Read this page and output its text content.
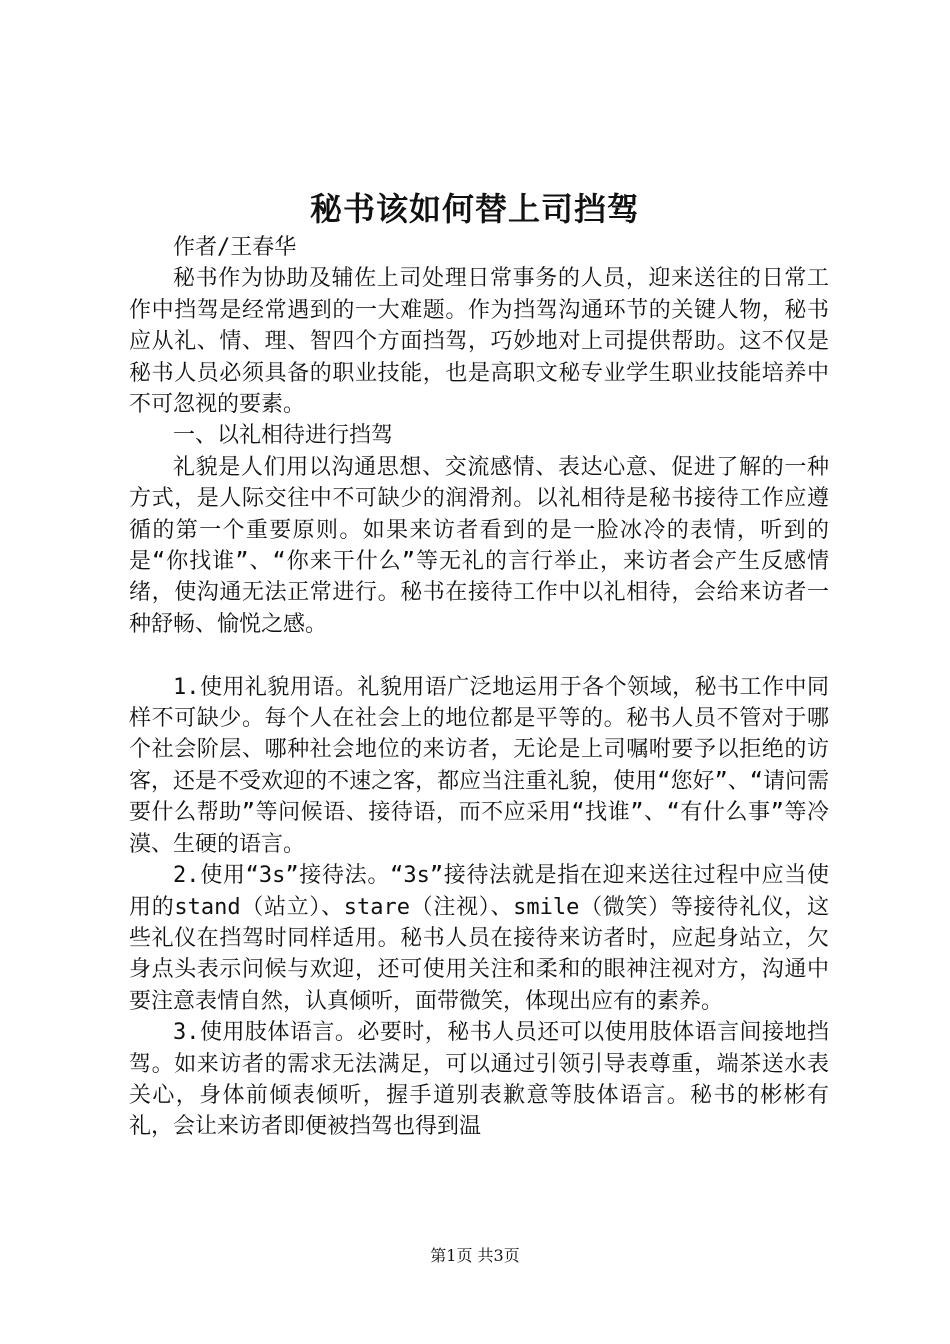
秘书该如何替上司挡驾

作者/王春华

秘书作为协助及辅佐上司处理日常事务的人员，迎来送往的日常工作中挡驾是经常遇到的一大难题。作为挡驾沟通环节的关键人物，秘书应从礼、情、理、智四个方面挡驾，巧妙地对上司提供帮助。这不仅是秘书人员必须具备的职业技能，也是高职文秘专业学生职业技能培养中不可忽视的要素。

一、以礼相待进行挡驾

礼貌是人们用以沟通思想、交流感情、表达心意、促进了解的一种方式，是人际交往中不可缺少的润滑剂。以礼相待是秘书接待工作应遵循的第一个重要原则。如果来访者看到的是一脸冰冷的表情，听到的是“你找谁”、“你来干什么”等无礼的言行举止，来访者会产生反感情绪，使沟通无法正常进行。秘书在接待工作中以礼相待，会给来访者一种舒畅、愉悦之感。

1.使用礼貌用语。礼貌用语广泛地运用于各个领域，秘书工作中同样不可缺少。每个人在社会上的地位都是平等的。秘书人员不管对于哪个社会阶层、哪种社会地位的来访者，无论是上司嘱咐要予以拒绝的访客，还是不受欢迎的不速之客，都应当注重礼貌，使用“您好”、“请问需要什么帮助”等问候语、接待语，而不应采用“找谁”、“有什么事”等冷漠、生硬的语言。

2.使用“3s”接待法。“3s”接待法就是指在迎来送往过程中应当使用的stand（站立）、stare（注视）、smile（微笑）等接待礼仪，这些礼仪在挡驾时同样适用。秘书人员在接待来访者时，应起身站立，欠身点头表示问候与欢迎，还可使用关注和柔和的眼神注视对方，沟通中要注意表情自然，认真倾听，面带微笑，体现出应有的素养。

3.使用肢体语言。必要时，秘书人员还可以使用肢体语言间接地挡驾。如来访者的需求无法满足，可以通过引领引导表尊重，端茶送水表关心，身体前倾表倾听，握手道别表歉意等肢体语言。秘书的彬彬有礼，会让来访者即便被挡驾也得到温

第1页 共3页
